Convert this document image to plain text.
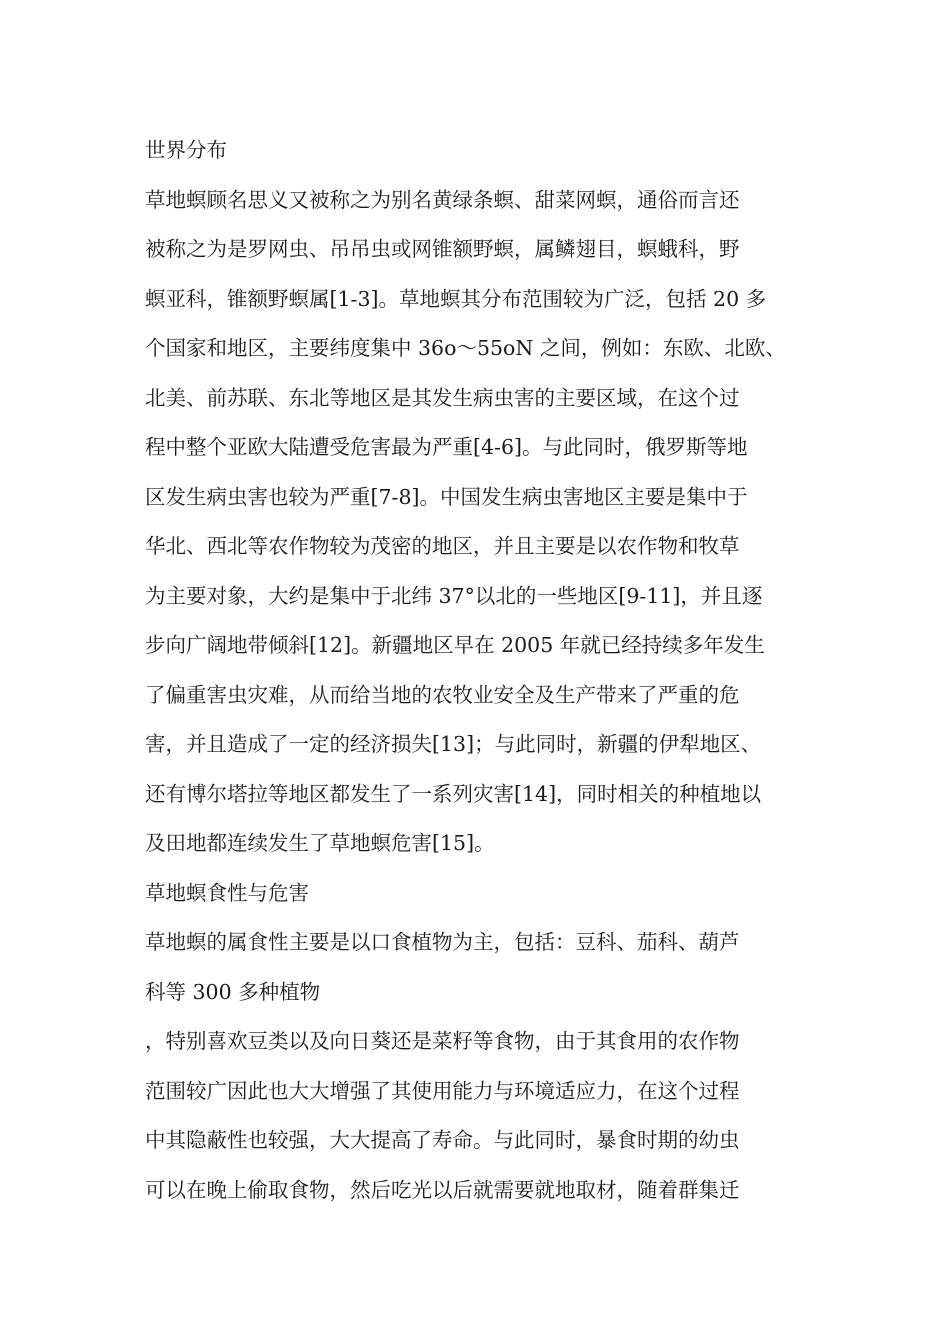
世界分布
草地螟顾名思义又被称之为别名黄绿条螟、甜菜网螟，通俗而言还
被称之为是罗网虫、吊吊虫或网锥额野螟，属鳞翅目，螟蛾科，野
螟亚科，锥额野螟属[1-3]。草地螟其分布范围较为广泛，包括 20 多
个国家和地区，主要纬度集中 36o～55oN 之间，例如：东欧、北欧、
北美、前苏联、东北等地区是其发生病虫害的主要区域，在这个过
程中整个亚欧大陆遭受危害最为严重[4-6]。与此同时，俄罗斯等地
区发生病虫害也较为严重[7-8]。中国发生病虫害地区主要是集中于
华北、西北等农作物较为茂密的地区，并且主要是以农作物和牧草
为主要对象，大约是集中于北纬 37°以北的一些地区[9-11]，并且逐
步向广阔地带倾斜[12]。新疆地区早在 2005 年就已经持续多年发生
了偏重害虫灾难，从而给当地的农牧业安全及生产带来了严重的危
害，并且造成了一定的经济损失[13]；与此同时，新疆的伊犁地区、
还有博尔塔拉等地区都发生了一系列灾害[14]，同时相关的种植地以
及田地都连续发生了草地螟危害[15]。
草地螟食性与危害
草地螟的属食性主要是以口食植物为主，包括：豆科、茄科、葫芦
科等 300 多种植物
，特别喜欢豆类以及向日葵还是菜籽等食物，由于其食用的农作物
范围较广因此也大大增强了其使用能力与环境适应力，在这个过程
中其隐蔽性也较强，大大提高了寿命。与此同时，暴食时期的幼虫
可以在晚上偷取食物，然后吃光以后就需要就地取材，随着群集迁
